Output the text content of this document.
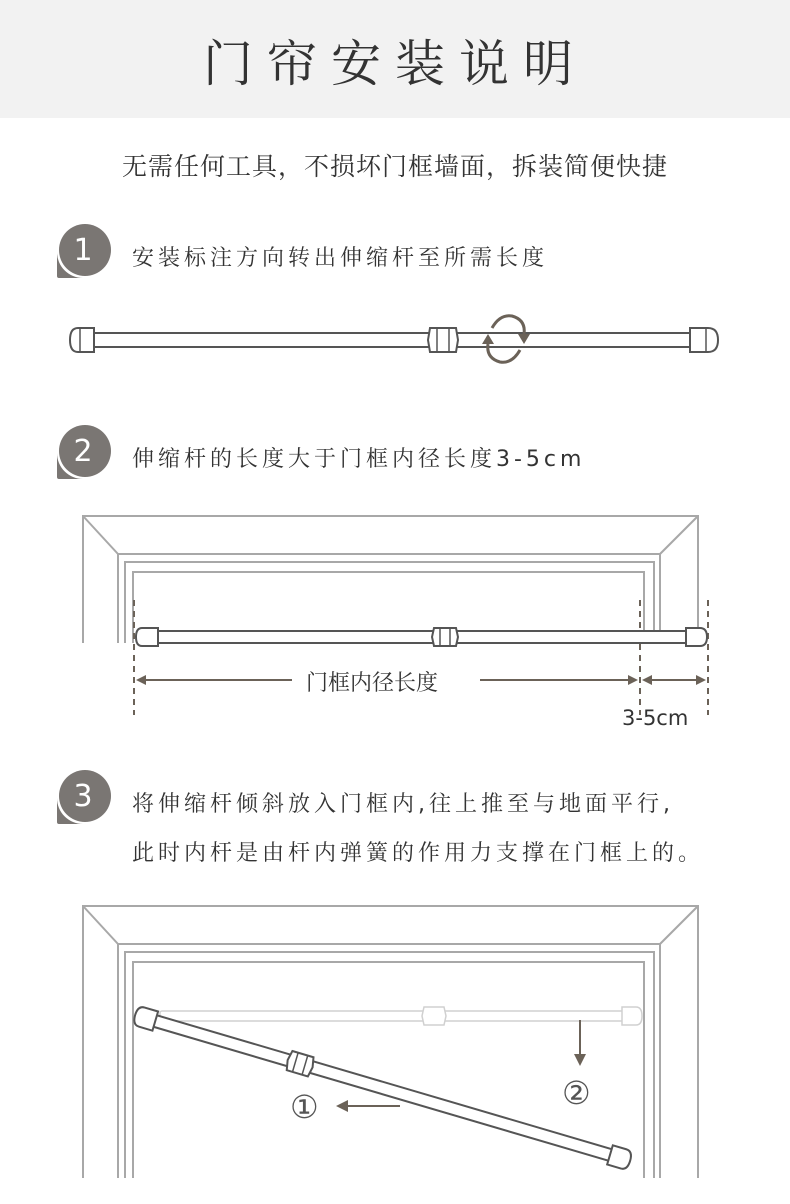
门帘安装说明
无需任何工具，不损坏门框墙面，拆装简便快捷
1	安装标注方向转出伸缩杆至所需长度
2	伸缩杆的长度大于门框内径长度3-5cm
门框内径长度
3-5cm
3	将伸缩杆倾斜放入门框内,往上推至与地面平行,
此时内杆是由杆内弹簧的作用力支撑在门框上的。
①	②
